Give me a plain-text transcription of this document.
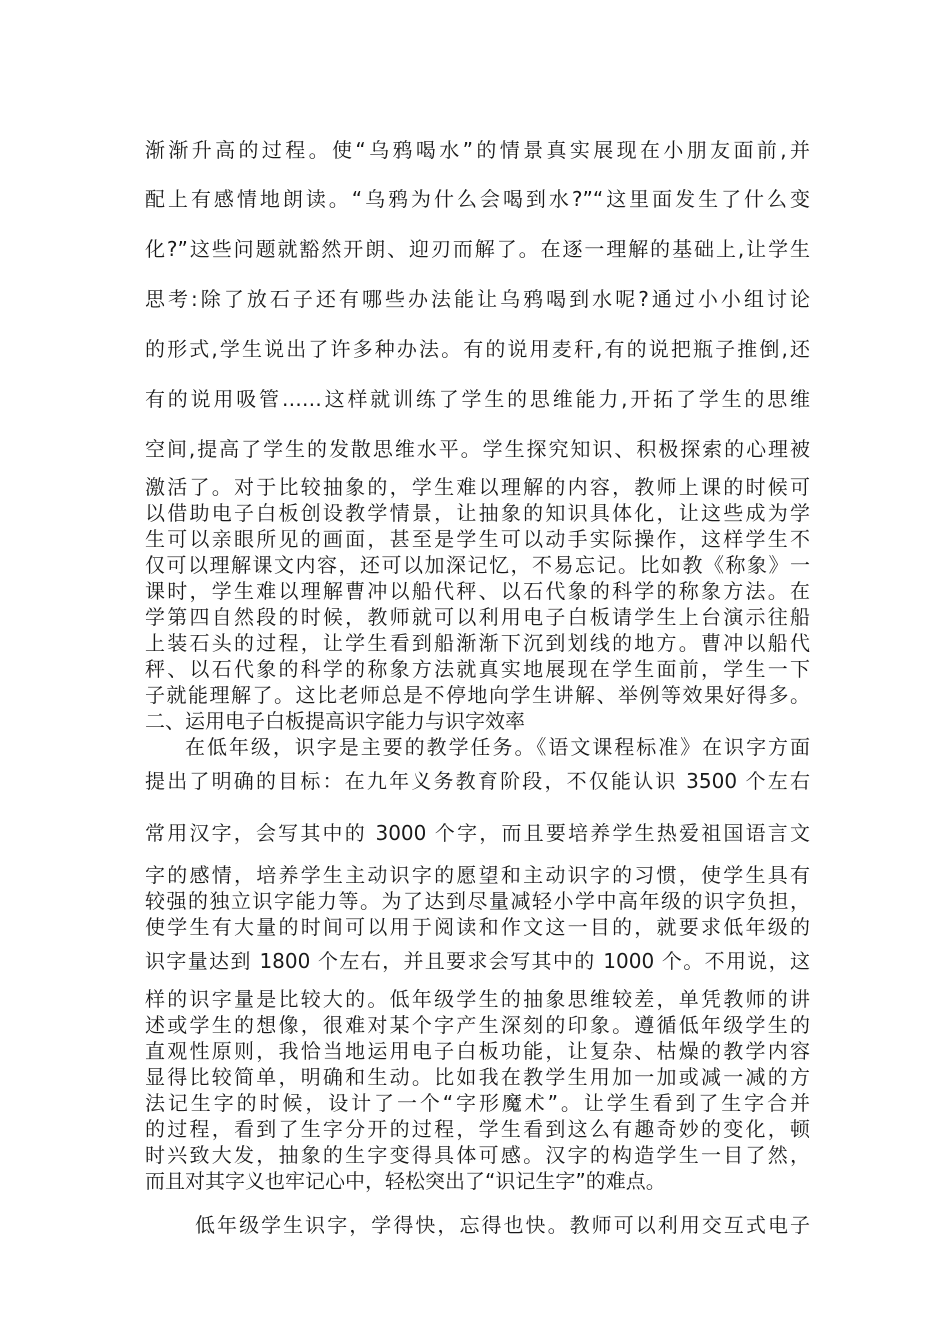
渐渐升高的过程。使“乌鸦喝水”的情景真实展现在小朋友面前,并
配上有感情地朗读。“乌鸦为什么会喝到水?”“这里面发生了什么变
化?”这些问题就豁然开朗、迎刃而解了。在逐一理解的基础上,让学生
思考:除了放石子还有哪些办法能让乌鸦喝到水呢?通过小小组讨论
的形式,学生说出了许多种办法。有的说用麦秆,有的说把瓶子推倒,还
有的说用吸管……这样就训练了学生的思维能力,开拓了学生的思维
空间,提高了学生的发散思维水平。学生探究知识、积极探索的心理被
激活了。对于比较抽象的，学生难以理解的内容，教师上课的时候可
以借助电子白板创设教学情景，让抽象的知识具体化，让这些成为学
生可以亲眼所见的画面，甚至是学生可以动手实际操作，这样学生不
仅可以理解课文内容，还可以加深记忆，不易忘记。比如教《称象》一
课时，学生难以理解曹冲以船代秤、以石代象的科学的称象方法。在
学第四自然段的时候，教师就可以利用电子白板请学生上台演示往船
上装石头的过程，让学生看到船渐渐下沉到划线的地方。曹冲以船代
秤、以石代象的科学的称象方法就真实地展现在学生面前，学生一下
子就能理解了。这比老师总是不停地向学生讲解、举例等效果好得多。
二、运用电子白板提高识字能力与识字效率
在低年级，识字是主要的教学任务。《语文课程标准》在识字方面
提出了明确的目标：在九年义务教育阶段，不仅能认识 3500 个左右
常用汉字，会写其中的 3000 个字，而且要培养学生热爱祖国语言文
字的感情，培养学生主动识字的愿望和主动识字的习惯，使学生具有
较强的独立识字能力等。为了达到尽量减轻小学中高年级的识字负担，
使学生有大量的时间可以用于阅读和作文这一目的，就要求低年级的
识字量达到 1800 个左右，并且要求会写其中的 1000 个。不用说，这
样的识字量是比较大的。低年级学生的抽象思维较差，单凭教师的讲
述或学生的想像，很难对某个字产生深刻的印象。遵循低年级学生的
直观性原则，我恰当地运用电子白板功能，让复杂、枯燥的教学内容
显得比较简单，明确和生动。比如我在教学生用加一加或减一减的方
法记生字的时候，设计了一个“字形魔术”。让学生看到了生字合并
的过程，看到了生字分开的过程，学生看到这么有趣奇妙的变化，顿
时兴致大发，抽象的生字变得具体可感。汉字的构造学生一目了然，
而且对其字义也牢记心中，轻松突出了“识记生字”的难点。
低年级学生识字，学得快，忘得也快。教师可以利用交互式电子
